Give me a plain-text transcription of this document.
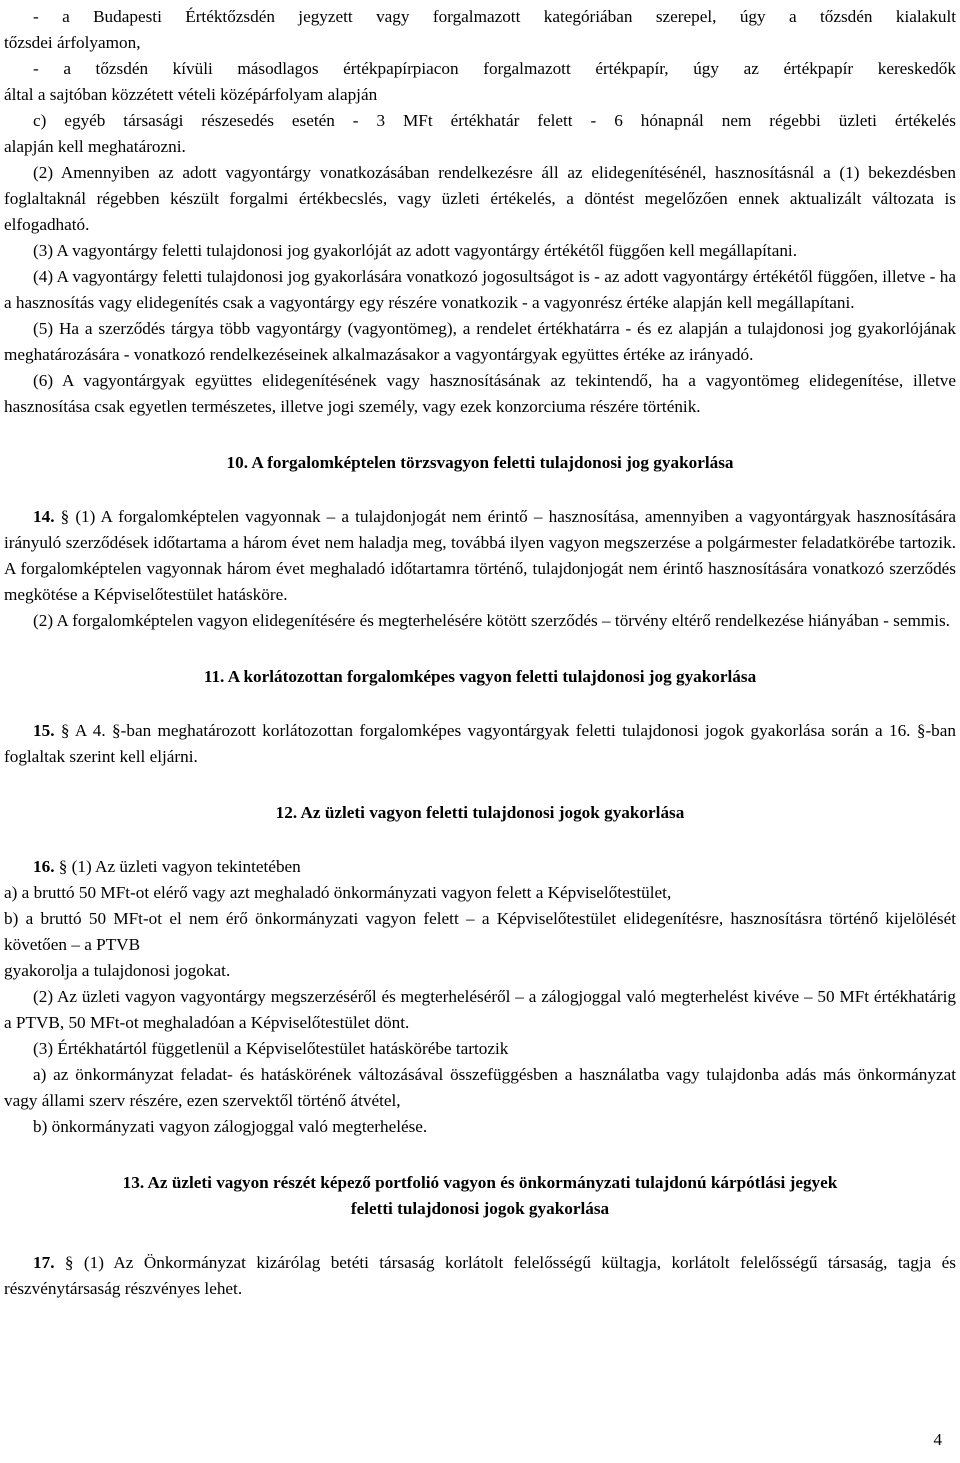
- a Budapesti Értéktőzsdén jegyzett vagy forgalmazott kategóriában szerepel, úgy a tőzsdén kialakult
tőzsdei árfolyamon,
- a tőzsdén kívüli másodlagos értékpapírpiacon forgalmazott értékpapír, úgy az értékpapír kereskedők
által a sajtóban közzétett vételi középárfolyam alapján
c) egyéb társasági részesedés esetén - 3 MFt értékhatár felett - 6 hónapnál nem régebbi üzleti értékelés
alapján kell meghatározni.

(2) Amennyiben az adott vagyontárgy vonatkozásában rendelkezésre áll az elidegenítésénél, hasznosításnál a (1) bekezdésben foglaltaknál régebben készült forgalmi értékbecslés, vagy üzleti értékelés, a döntést megelőzően ennek aktualizált változata is elfogadható.

(3) A vagyontárgy feletti tulajdonosi jog gyakorlóját az adott vagyontárgy értékétől függően kell megállapítani.

(4) A vagyontárgy feletti tulajdonosi jog gyakorlására vonatkozó jogosultságot is - az adott vagyontárgy értékétől függően, illetve - ha a hasznosítás vagy elidegenítés csak a vagyontárgy egy részére vonatkozik - a vagyonrész értéke alapján kell megállapítani.

(5) Ha a szerződés tárgya több vagyontárgy (vagyontömeg), a rendelet értékhatárra - és ez alapján a tulajdonosi jog gyakorlójának meghatározására - vonatkozó rendelkezéseinek alkalmazásakor a vagyontárgyak együttes értéke az irányadó.

(6) A vagyontárgyak együttes elidegenítésének vagy hasznosításának az tekintendő, ha a vagyontömeg elidegenítése, illetve hasznosítása csak egyetlen természetes, illetve jogi személy, vagy ezek konzorciuma részére történik.

10. A forgalomképtelen törzsvagyon feletti tulajdonosi jog gyakorlása

14. § (1) A forgalomképtelen vagyonnak – a tulajdonjogát nem érintő – hasznosítása, amennyiben a vagyontárgyak hasznosítására irányuló szerződések időtartama a három évet nem haladja meg, továbbá ilyen vagyon megszerzése a polgármester feladatkörébe tartozik. A forgalomképtelen vagyonnak három évet meghaladó időtartamra történő, tulajdonjogát nem érintő hasznosítására vonatkozó szerződés megkötése a Képviselőtestület hatásköre.

(2) A forgalomképtelen vagyon elidegenítésére és megterhelésére kötött szerződés – törvény eltérő rendelkezése hiányában - semmis.

11. A korlátozottan forgalomképes vagyon feletti tulajdonosi jog gyakorlása

15. § A 4. §-ban meghatározott korlátozottan forgalomképes vagyontárgyak feletti tulajdonosi jogok gyakorlása során a 16. §-ban foglaltak szerint kell eljárni.

12. Az üzleti vagyon feletti tulajdonosi jogok gyakorlása

16. § (1) Az üzleti vagyon tekintetében

a) a bruttó 50 MFt-ot elérő vagy azt meghaladó önkormányzati vagyon felett a Képviselőtestület,

b) a bruttó 50 MFt-ot el nem érő önkormányzati vagyon felett – a Képviselőtestület elidegenítésre, hasznosításra történő kijelölését követően – a PTVB

gyakorolja a tulajdonosi jogokat.

(2) Az üzleti vagyon vagyontárgy megszerzéséről és megterheléséről – a zálogjoggal való megterhelést kivéve – 50 MFt értékhatárig a PTVB, 50 MFt-ot meghaladóan a Képviselőtestület dönt.

(3) Értékhatártól függetlenül a Képviselőtestület hatáskörébe tartozik

a) az önkormányzat feladat- és hatáskörének változásával összefüggésben a használatba vagy tulajdonba adás más önkormányzat vagy állami szerv részére, ezen szervektől történő átvétel,

b) önkormányzati vagyon zálogjoggal való megterhelése.

13. Az üzleti vagyon részét képező portfolió vagyon és önkormányzati tulajdonú kárpótlási jegyek
feletti tulajdonosi jogok gyakorlása

17. § (1) Az Önkormányzat kizárólag betéti társaság korlátolt felelősségű kültagja, korlátolt felelősségű társaság, tagja és részvénytársaság részvényes lehet.

4
